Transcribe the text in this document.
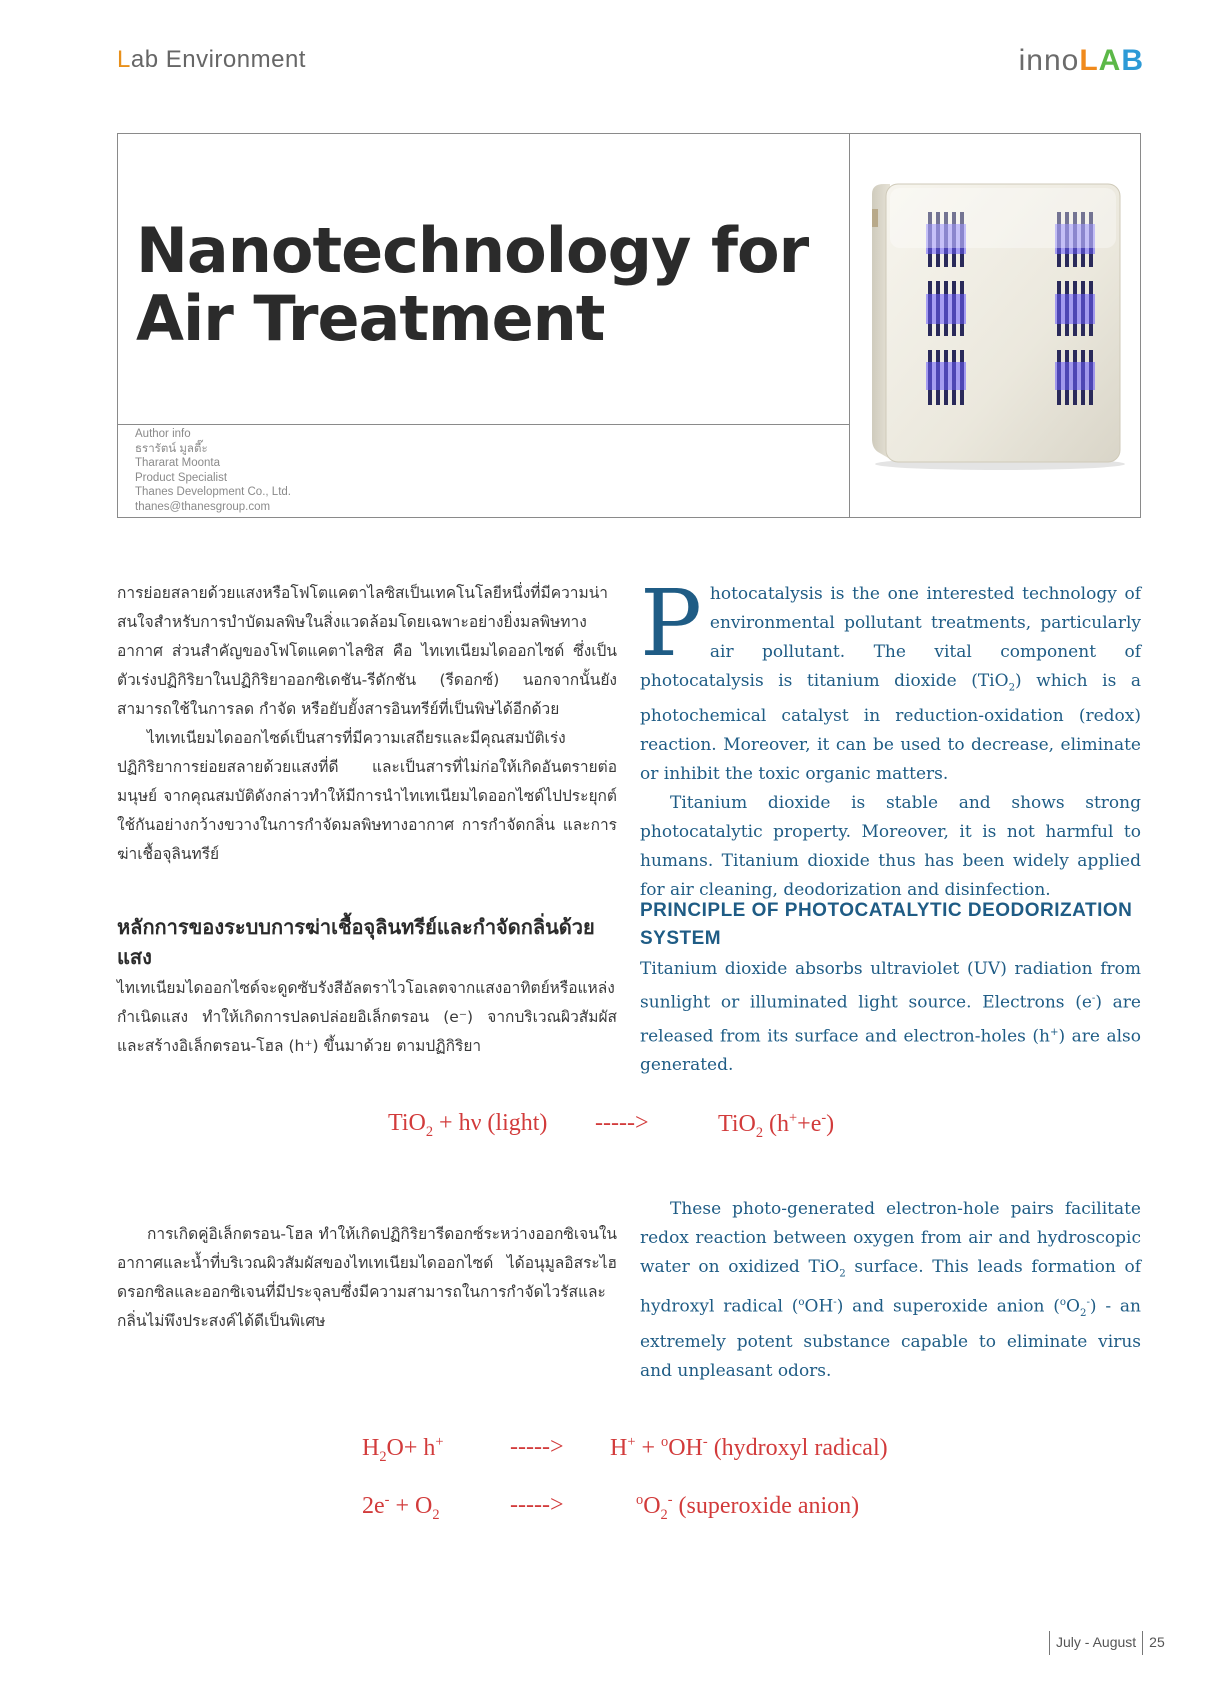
Lab Environment	innoLAB
Nanotechnology for
Air Treatment
Author info
ธรารัตน์ มูลตี๊ะ
Thararat Moonta
Product Specialist
Thanes Development Co., Ltd.
thanes@thanesgroup.com

การย่อยสลายด้วยแสงหรือโฟโตแคตาไลซิสเป็นเทคโนโลยีหนึ่งที่มีความน่าสนใจสำหรับการบำบัดมลพิษในสิ่งแวดล้อมโดยเฉพาะอย่างยิ่งมลพิษทางอากาศ ส่วนสำคัญของโฟโตแคตาไลซิส คือ ไทเทเนียมไดออกไซด์ ซึ่งเป็นตัวเร่งปฏิกิริยาในปฏิกิริยาออกซิเดชัน-รีดักชัน (รีดอกซ์) นอกจากนั้นยังสามารถใช้ในการลด กำจัด หรือยับยั้งสารอินทรีย์ที่เป็นพิษได้อีกด้วย

ไทเทเนียมไดออกไซด์เป็นสารที่มีความเสถียรและมีคุณสมบัติเร่งปฏิกิริยาการย่อยสลายด้วยแสงที่ดี และเป็นสารที่ไม่ก่อให้เกิดอันตรายต่อมนุษย์ จากคุณสมบัติดังกล่าวทำให้มีการนำไทเทเนียมไดออกไซด์ไปประยุกต์ใช้กันอย่างกว้างขวางในการกำจัดมลพิษทางอากาศ การกำจัดกลิ่น และการฆ่าเชื้อจุลินทรีย์

หลักการของระบบการฆ่าเชื้อจุลินทรีย์และกำจัดกลิ่นด้วยแสง

ไทเทเนียมไดออกไซด์จะดูดซับรังสีอัลตราไวโอเลตจากแสงอาทิตย์หรือแหล่งกำเนิดแสง ทำให้เกิดการปลดปล่อยอิเล็กตรอน (e⁻) จากบริเวณผิวสัมผัส และสร้างอิเล็กตรอน-โฮล (h⁺) ขึ้นมาด้วย ตามปฏิกิริยา

การเกิดคู่อิเล็กตรอน-โฮล ทำให้เกิดปฏิกิริยารีดอกซ์ระหว่างออกซิเจนในอากาศและน้ำที่บริเวณผิวสัมผัสของไทเทเนียมไดออกไซด์ ได้อนุมูลอิสระไฮดรอกซิลและออกซิเจนที่มีประจุลบซึ่งมีความสามารถในการกำจัดไวรัสและกลิ่นไม่พึงประสงค์ได้ดีเป็นพิเศษ

Photocatalysis is the one interested technology of environmental pollutant treatments, particularly air pollutant. The vital component of photocatalysis is titanium dioxide (TiO$_2$) which is a photochemical catalyst in reduction-oxidation (redox) reaction. Moreover, it can be used to decrease, eliminate or inhibit the toxic organic matters.

Titanium dioxide is stable and shows strong photocatalytic property. Moreover, it is not harmful to humans. Titanium dioxide thus has been widely applied for air cleaning, deodorization and disinfection.

PRINCIPLE OF PHOTOCATALYTIC DEODORIZATION SYSTEM

Titanium dioxide absorbs ultraviolet (UV) radiation from sunlight or illuminated light source. Electrons (e-) are released from its surface and electron-holes (h+) are also generated.

These photo-generated electron-hole pairs facilitate redox reaction between oxygen from air and hydroscopic water on oxidized TiO$_2$ surface. This leads formation of hydroxyl radical ($^o$OH-) and superoxide anion $(^oO_2^-)$ - an extremely potent substance capable to eliminate virus and unpleasant odors.

TiO$_2$ + hν (light) ----->	TiO$_2$ (h++e-)
$H_2O+ h^+$	-----> H+ + $^o$OH- (hydroxyl radical)
$2e^- + O_2$	----->	$^oO_2^-$ (superoxide anion)
July - August 25
